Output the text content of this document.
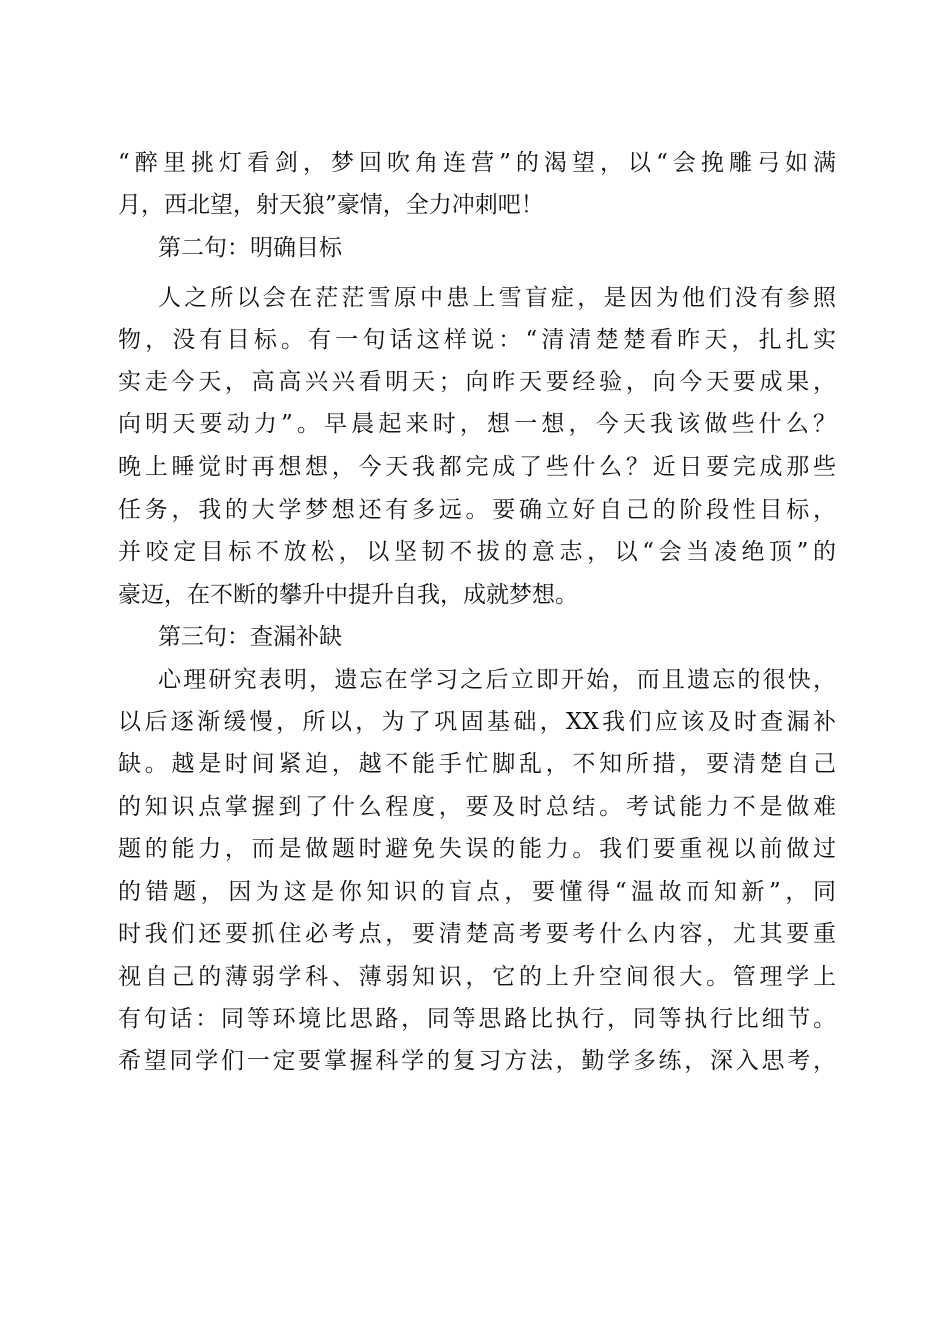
“醉里挑灯看剑，梦回吹角连营”的渴望，以“会挽雕弓如满
月，西北望，射天狼”豪情，全力冲刺吧！
第二句：明确目标
人之所以会在茫茫雪原中患上雪盲症，是因为他们没有参照
物，没有目标。有一句话这样说：“清清楚楚看昨天，扎扎实
实走今天，高高兴兴看明天；向昨天要经验，向今天要成果，
向明天要动力”。早晨起来时，想一想，今天我该做些什么？
晚上睡觉时再想想，今天我都完成了些什么？近日要完成那些
任务，我的大学梦想还有多远。要确立好自己的阶段性目标，
并咬定目标不放松，以坚韧不拔的意志，以“会当凌绝顶”的
豪迈，在不断的攀升中提升自我，成就梦想。
第三句：查漏补缺
心理研究表明，遗忘在学习之后立即开始，而且遗忘的很快，
以后逐渐缓慢，所以，为了巩固基础，XX我们应该及时查漏补
缺。越是时间紧迫，越不能手忙脚乱，不知所措，要清楚自己
的知识点掌握到了什么程度，要及时总结。考试能力不是做难
题的能力，而是做题时避免失误的能力。我们要重视以前做过
的错题，因为这是你知识的盲点，要懂得“温故而知新”，同
时我们还要抓住必考点，要清楚高考要考什么内容，尤其要重
视自己的薄弱学科、薄弱知识，它的上升空间很大。管理学上
有句话：同等环境比思路，同等思路比执行，同等执行比细节。
希望同学们一定要掌握科学的复习方法，勤学多练，深入思考，
